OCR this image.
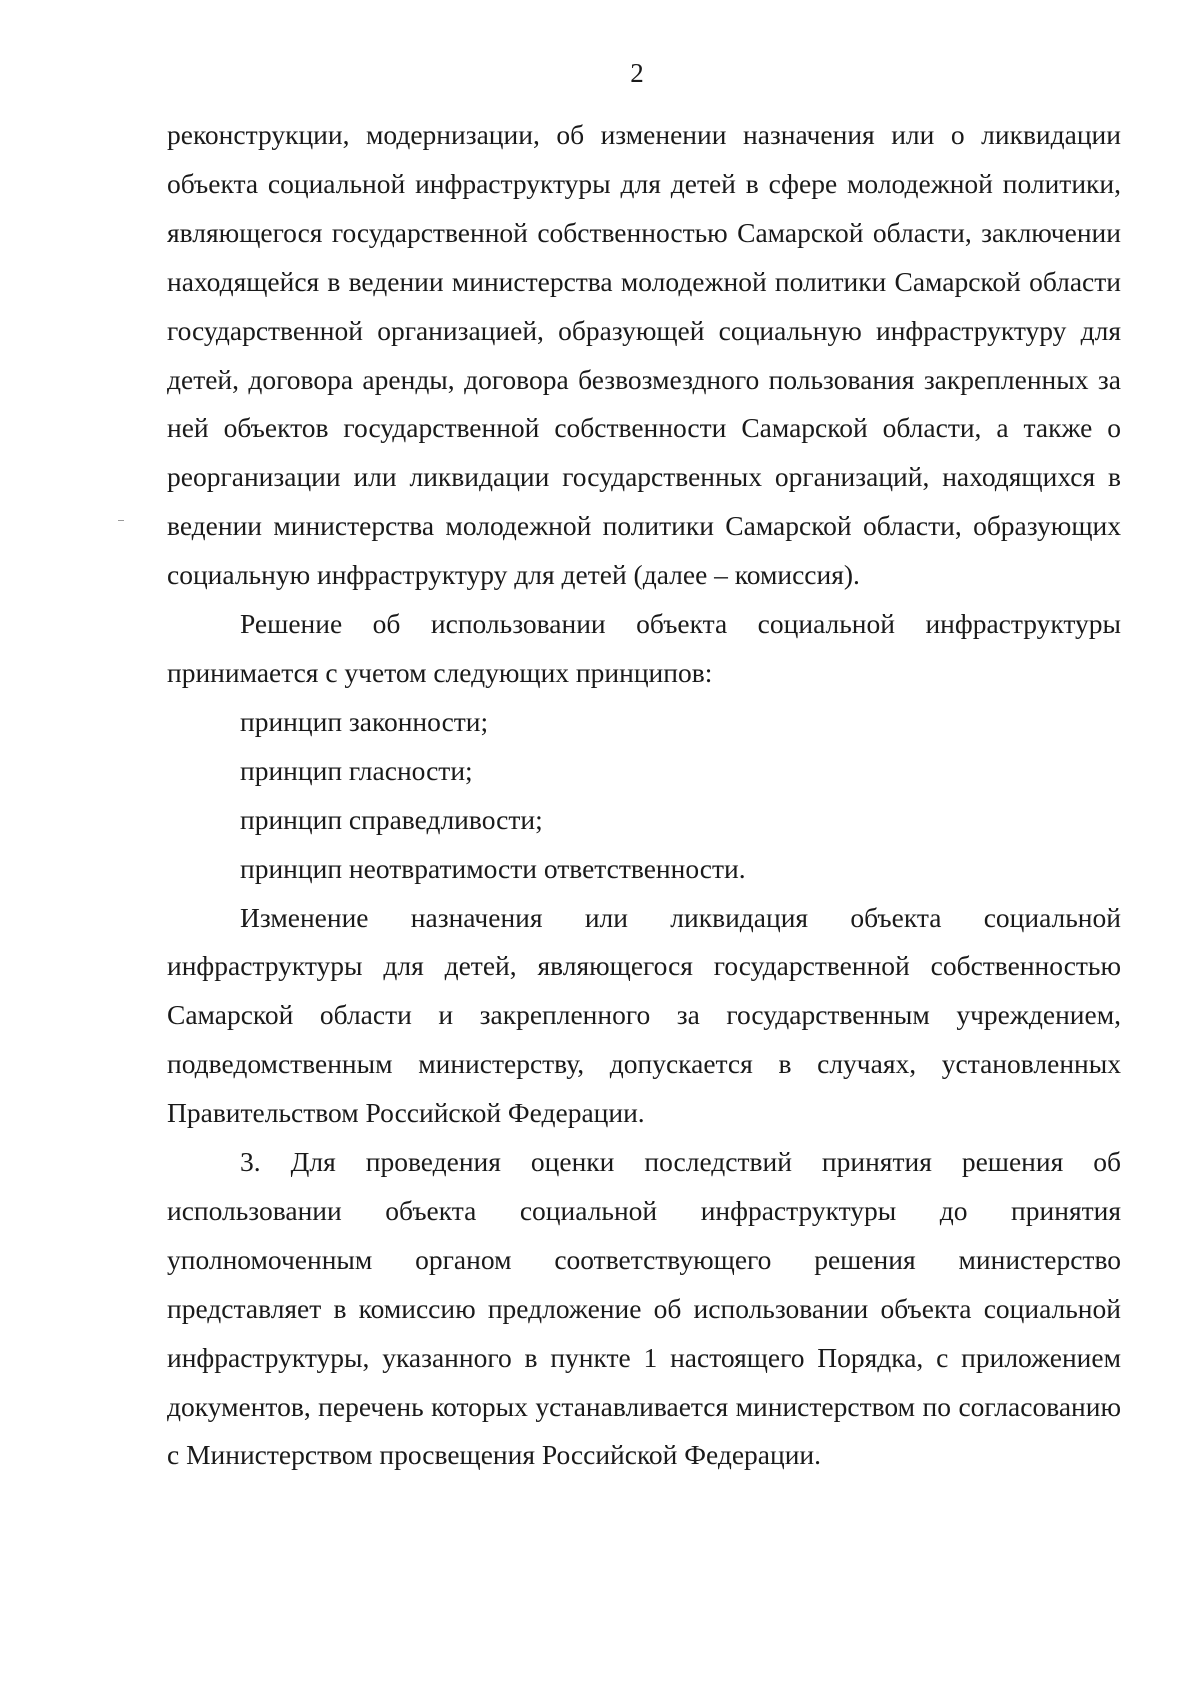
2

реконструкции, модернизации, об изменении назначения или о ликвидации объекта социальной инфраструктуры для детей в сфере молодежной политики, являющегося государственной собственностью Самарской области, заключении находящейся в ведении министерства молодежной политики Самарской области государственной организацией, образующей социальную инфраструктуру для детей, договора аренды, договора безвозмездного пользования закрепленных за ней объектов государственной собственности Самарской области, а также о реорганизации или ликвидации государственных организаций, находящихся в ведении министерства молодежной политики Самарской области, образующих социальную инфраструктуру для детей (далее – комиссия).

Решение об использовании объекта социальной инфраструктуры принимается с учетом следующих принципов:

принцип законности;

принцип гласности;

принцип справедливости;

принцип неотвратимости ответственности.

Изменение назначения или ликвидация объекта социальной инфраструктуры для детей, являющегося государственной собственностью Самарской области и закрепленного за государственным учреждением, подведомственным министерству, допускается в случаях, установленных Правительством Российской Федерации.

3. Для проведения оценки последствий принятия решения об использовании объекта социальной инфраструктуры до принятия уполномоченным органом соответствующего решения министерство представляет в комиссию предложение об использовании объекта социальной инфраструктуры, указанного в пункте 1 настоящего Порядка, с приложением документов, перечень которых устанавливается министерством по согласованию с Министерством просвещения Российской Федерации.
